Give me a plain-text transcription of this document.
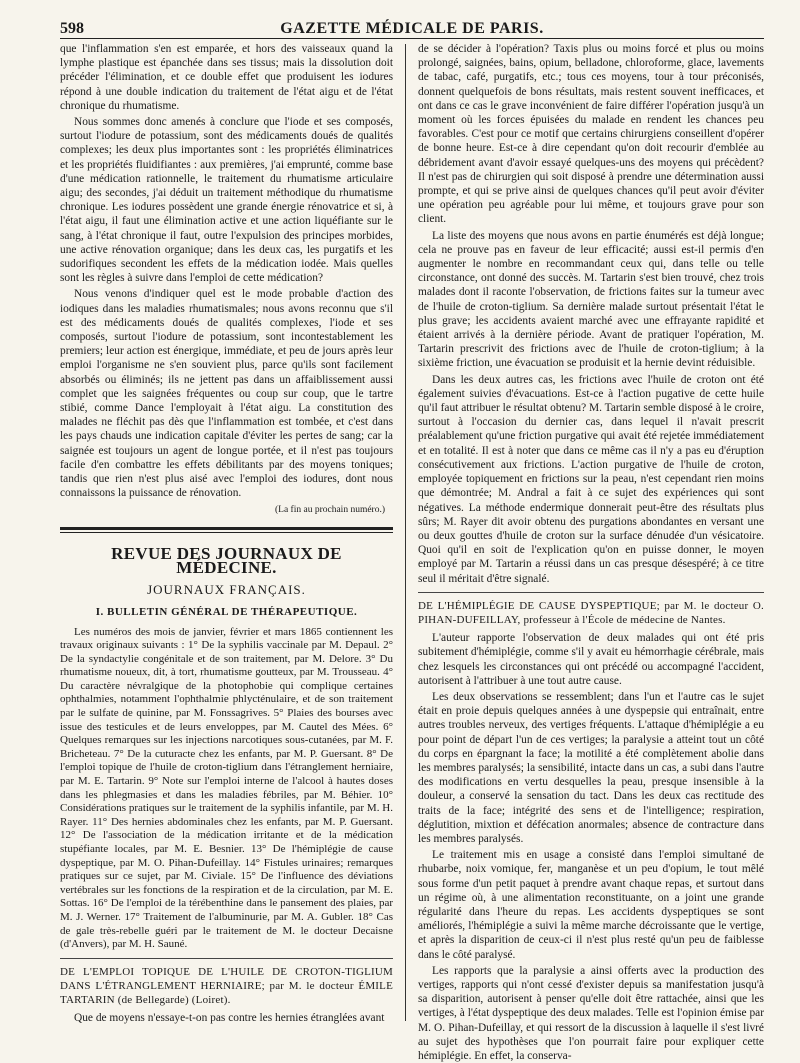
598	GAZETTE MÉDICALE DE PARIS.

que l'inflammation s'en est emparée, et hors des vaisseaux quand la lymphe plastique est épanchée dans ses tissus; mais la dissolution doit précéder l'élimination, et ce double effet que produisent les iodures répond à une double indication du traitement de l'état aigu et de l'état chronique du rhumatisme.

Nous sommes donc amenés à conclure que l'iode et ses composés, surtout l'iodure de potassium, sont des médicaments doués de qualités complexes; les deux plus importantes sont : les propriétés éliminatrices et les propriétés fluidifiantes : aux premières, j'ai emprunté, comme base d'une médication rationnelle, le traitement du rhumatisme articulaire aigu; des secondes, j'ai déduit un traitement méthodique du rhumatisme chronique. Les iodures possèdent une grande énergie rénovatrice et si, à l'état aigu, il faut une élimination active et une action liquéfiante sur le sang, à l'état chronique il faut, outre l'expulsion des principes morbides, une active rénovation organique; dans les deux cas, les purgatifs et les sudorifiques secondent les effets de la médication iodée. Mais quelles sont les règles à suivre dans l'emploi de cette médication?

Nous venons d'indiquer quel est le mode probable d'action des iodiques dans les maladies rhumatismales; nous avons reconnu que s'il est des médicaments doués de qualités complexes, l'iode et ses composés, surtout l'iodure de potassium, sont incontestablement les premiers; leur action est énergique, immédiate, et peu de jours après leur emploi l'organisme ne s'en souvient plus, parce qu'ils sont facilement absorbés ou éliminés; ils ne jettent pas dans un affaiblissement aussi complet que les saignées fréquentes ou coup sur coup, que le tartre stibié, comme Dance l'employait à l'état aigu. La constitution des malades ne fléchit pas dès que l'inflammation est tombée, et c'est dans les pays chauds une indication capitale d'éviter les pertes de sang; car la saignée est toujours un agent de longue portée, et il n'est pas toujours facile d'en combattre les effets débilitants par des moyens toniques; tandis que rien n'est plus aisé avec l'emploi des iodures, dont nous connaissons la puissance de rénovation.

(La fin au prochain numéro.)
REVUE DES JOURNAUX DE MÉDECINE.
JOURNAUX FRANÇAIS.
I. BULLETIN GÉNÉRAL DE THÉRAPEUTIQUE.

Les numéros des mois de janvier, février et mars 1865 contiennent les travaux originaux suivants : 1° De la syphilis vaccinale par M. Depaul. 2° De la syndactylie congénitale et de son traitement, par M. Delore. 3° Du rhumatisme noueux, dit, à tort, rhumatisme goutteux, par M. Trousseau. 4° Du caractère névralgique de la photophobie qui complique certaines ophthalmies, notamment l'ophthalmie phlycténulaire, et de son traitement par le sulfate de quinine, par M. Fonssagrives. 5° Plaies des bourses avec issue des testicules et de leurs enveloppes, par M. Cautel des Mées. 6° Quelques remarques sur les injections narcotiques sous-cutanées, par M. F. Bricheteau. 7° De la cuturacte chez les enfants, par M. P. Guersant. 8° De l'emploi topique de l'huile de croton-tiglium dans l'étranglement herniaire, par M. E. Tartarin. 9° Note sur l'emploi interne de l'alcool à hautes doses dans les phlegmasies et dans les maladies fébriles, par M. Béhier. 10° Considérations pratiques sur le traitement de la syphilis infantile, par M. H. Rayer. 11° Des hernies abdominales chez les enfants, par M. P. Guersant. 12° De l'association de la médication irritante et de la médication stupéfiante locales, par M. E. Besnier. 13° De l'hémiplégie de cause dyspeptique, par M. O. Pihan-Dufeillay. 14° Fistules urinaires; remarques pratiques sur ce sujet, par M. Civiale. 15° De l'influence des déviations vertébrales sur les fonctions de la respiration et de la circulation, par M. E. Sottas. 16° De l'emploi de la térébenthine dans le pansement des plaies, par M. J. Werner. 17° Traitement de l'albuminurie, par M. A. Gubler. 18° Cas de gale très-rebelle guéri par le traitement de M. le docteur Decaisne (d'Anvers), par M. H. Sauné.

DE L'EMPLOI TOPIQUE DE L'HUILE DE CROTON-TIGLIUM DANS L'ÉTRANGLEMENT HERNIAIRE; par M. le docteur ÉMILE TARTARIN (de Bellegarde) (Loiret).

Que de moyens n'essaye-t-on pas contre les hernies étranglées avant

de se décider à l'opération? Taxis plus ou moins forcé et plus ou moins prolongé, saignées, bains, opium, belladone, chloroforme, glace, lavements de tabac, café, purgatifs, etc.; tous ces moyens, tour à tour préconisés, donnent quelquefois de bons résultats, mais restent souvent inefficaces, et ont dans ce cas le grave inconvénient de faire différer l'opération jusqu'à un moment où les forces épuisées du malade en rendent les chances peu favorables. C'est pour ce motif que certains chirurgiens conseillent d'opérer de bonne heure. Est-ce à dire cependant qu'on doit recourir d'emblée au débridement avant d'avoir essayé quelques-uns des moyens qui précèdent? Il n'est pas de chirurgien qui soit disposé à prendre une détermination aussi prompte, et qui se prive ainsi de quelques chances qu'il peut avoir d'éviter une opération peu agréable pour lui même, et toujours grave pour son client.

La liste des moyens que nous avons en partie énumérés est déjà longue; cela ne prouve pas en faveur de leur efficacité; aussi est-il permis d'en augmenter le nombre en recommandant ceux qui, dans telle ou telle circonstance, ont donné des succès. M. Tartarin s'est bien trouvé, chez trois malades dont il raconte l'observation, de frictions faites sur la tumeur avec de l'huile de croton-tiglium. Sa dernière malade surtout présentait l'état le plus grave; les accidents avaient marché avec une effrayante rapidité et étaient arrivés à la dernière période. Avant de pratiquer l'opération, M. Tartarin prescrivit des frictions avec de l'huile de croton-tiglium; à la sixième friction, une évacuation se produisit et la hernie devint réduisible.

Dans les deux autres cas, les frictions avec l'huile de croton ont été également suivies d'évacuations. Est-ce à l'action pugative de cette huile qu'il faut attribuer le résultat obtenu? M. Tartarin semble disposé à le croire, surtout à l'occasion du dernier cas, dans lequel il n'avait prescrit préalablement qu'une friction purgative qui avait été rejetée immédiatement et en totalité. Il est à noter que dans ce même cas il n'y a pas eu d'éruption consécutivement aux frictions. L'action purgative de l'huile de croton, employée topiquement en frictions sur la peau, n'est cependant rien moins que démontrée; M. Andral a fait à ce sujet des expériences qui sont négatives. La méthode endermique donnerait peut-être des résultats plus sûrs; M. Rayer dit avoir obtenu des purgations abondantes en versant une ou deux gouttes d'huile de croton sur la surface dénudée d'un vésicatoire. Quoi qu'il en soit de l'explication qu'on en puisse donner, le moyen employé par M. Tartarin a réussi dans un cas presque désespéré; à ce titre seul il méritait d'être signalé.

DE L'HÉMIPLÉGIE DE CAUSE DYSPEPTIQUE; par M. le docteur O. PIHAN-DUFEILLAY, professeur à l'École de médecine de Nantes.

L'auteur rapporte l'observation de deux malades qui ont été pris subitement d'hémiplégie, comme s'il y avait eu hémorrhagie cérébrale, mais chez lesquels les circonstances qui ont précédé ou accompagné l'accident, autorisent à l'attribuer à une tout autre cause.

Les deux observations se ressemblent; dans l'un et l'autre cas le sujet était en proie depuis quelques années à une dyspepsie qui entraînait, entre autres troubles nerveux, des vertiges fréquents. L'attaque d'hémiplégie a eu pour point de départ l'un de ces vertiges; la paralysie a atteint tout un côté du corps en épargnant la face; la motilité a été complètement abolie dans les membres paralysés; la sensibilité, intacte dans un cas, a subi dans l'autre des modifications en vertu desquelles la peau, presque insensible à la douleur, a conservé la sensation du tact. Dans les deux cas rectitude des traits de la face; intégrité des sens et de l'intelligence; respiration, déglutition, mixtion et défécation anormales; absence de contracture dans les membres paralysés.

Le traitement mis en usage a consisté dans l'emploi simultané de rhubarbe, noix vomique, fer, manganèse et un peu d'opium, le tout mêlé sous forme d'un petit paquet à prendre avant chaque repas, et surtout dans un régime où, à une alimentation reconstituante, on a joint une grande régularité dans l'heure du repas. Les accidents dyspeptiques se sont améliorés, l'hémiplégie a suivi la même marche décroissante que le vertige, et après la disparition de ceux-ci il n'est plus resté qu'un peu de faiblesse dans le côté paralysé.

Les rapports que la paralysie a ainsi offerts avec la production des vertiges, rapports qui n'ont cessé d'exister depuis sa manifestation jusqu'à sa disparition, autorisent à penser qu'elle doit être rattachée, ainsi que les vertiges, à l'état dyspeptique des deux malades. Telle est l'opinion émise par M. O. Pihan-Dufeillay, et qui ressort de la discussion à laquelle il s'est livré au sujet des hypothèses que l'on pourrait faire pour expliquer cette hémiplégie. En effet, la conserva-
